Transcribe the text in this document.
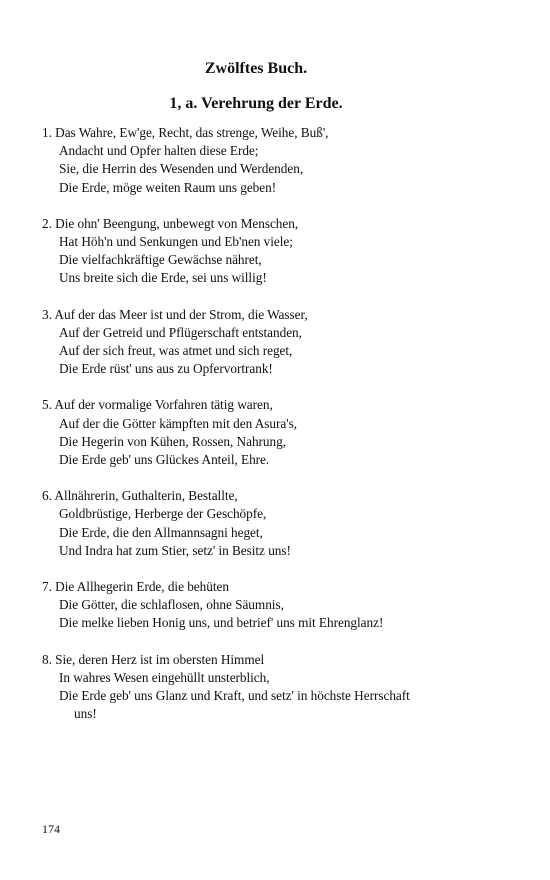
Zwölftes Buch.
1, a. Verehrung der Erde.
1. Das Wahre, Ew'ge, Recht, das strenge, Weihe, Buß',
Andacht und Opfer halten diese Erde;
Sie, die Herrin des Wesenden und Werdenden,
Die Erde, möge weiten Raum uns geben!
2. Die ohn' Beengung, unbewegt von Menschen,
Hat Höh'n und Senkungen und Eb'nen viele;
Die vielfachkräftige Gewächse nähret,
Uns breite sich die Erde, sei uns willig!
3. Auf der das Meer ist und der Strom, die Wasser,
Auf der Getreid und Pflügerschaft entstanden,
Auf der sich freut, was atmet und sich reget,
Die Erde rüst' uns aus zu Opfervortrank!
5. Auf der vormalige Vorfahren tätig waren,
Auf der die Götter kämpften mit den Asura's,
Die Hegerin von Kühen, Rossen, Nahrung,
Die Erde geb' uns Glückes Anteil, Ehre.
6. Allnährerin, Guthalterin, Bestallte,
Goldbrüstige, Herberge der Geschöpfe,
Die Erde, die den Allmannsagni heget,
Und Indra hat zum Stier, setz' in Besitz uns!
7. Die Allhegerin Erde, die behüten
Die Götter, die schlaflosen, ohne Säumnis,
Die melke lieben Honig uns, und betrief' uns mit Ehrenglanz!
8. Sie, deren Herz ist im obersten Himmel
In wahres Wesen eingehüllt unsterblich,
Die Erde geb' uns Glanz und Kraft, und setz' in höchste Herrschaft
uns!
174
